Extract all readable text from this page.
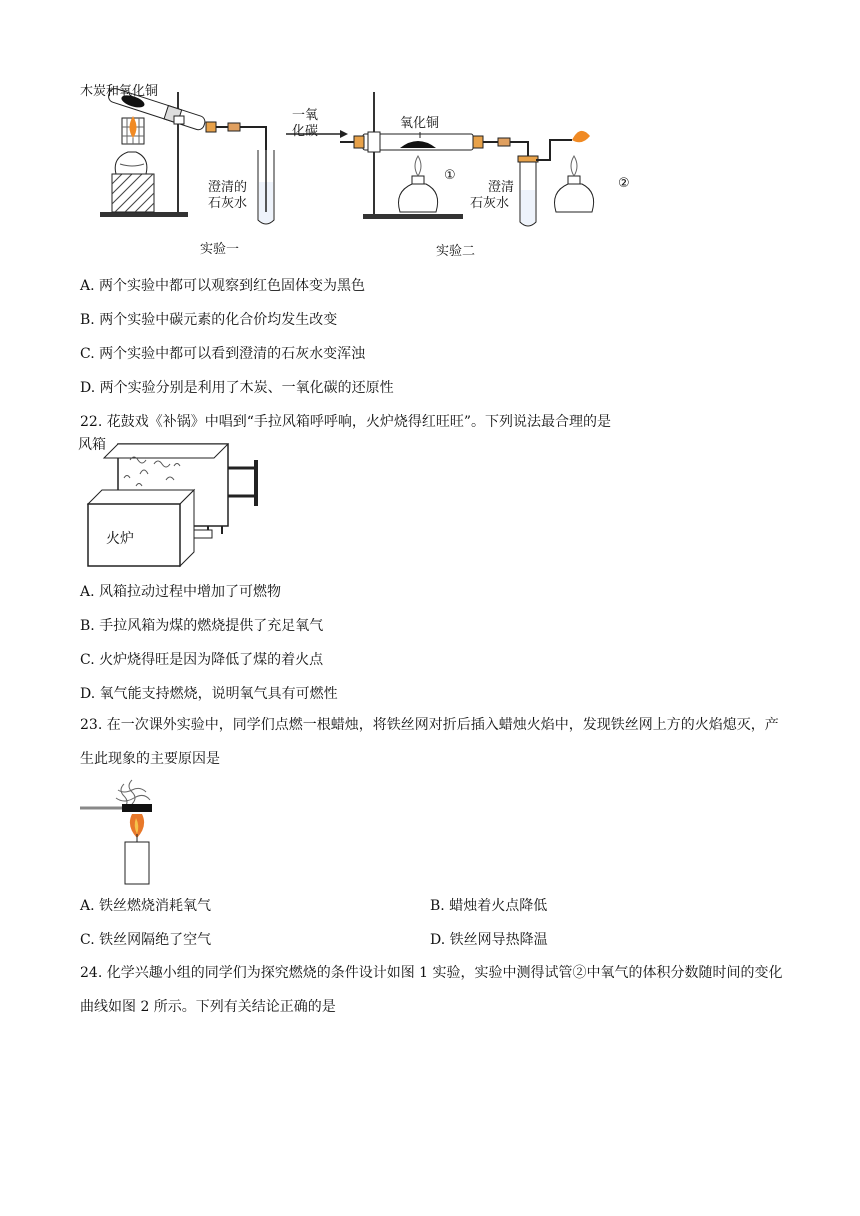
木炭和氧化铜
澄清的
石灰水
实验一
一氧
化碳
氧化铜
①
②
澄清
石灰水
实验二
A. 两个实验中都可以观察到红色固体变为黑色
B. 两个实验中碳元素的化合价均发生改变
C. 两个实验中都可以看到澄清的石灰水变浑浊
D. 两个实验分别是利用了木炭、一氧化碳的还原性
22. 花鼓戏《补锅》中唱到“手拉风箱呼呼响，火炉烧得红旺旺”。下列说法最合理的是
风箱
火炉
A. 风箱拉动过程中增加了可燃物
B. 手拉风箱为煤的燃烧提供了充足氧气
C. 火炉烧得旺是因为降低了煤的着火点
D. 氧气能支持燃烧，说明氧气具有可燃性
23. 在一次课外实验中，同学们点燃一根蜡烛，将铁丝网对折后插入蜡烛火焰中，发现铁丝网上方的火焰熄灭，产生此现象的主要原因是
A. 铁丝燃烧消耗氧气	B. 蜡烛着火点降低
C. 铁丝网隔绝了空气	D. 铁丝网导热降温
24. 化学兴趣小组的同学们为探究燃烧的条件设计如图 1 实验，实验中测得试管②中氧气的体积分数随时间的变化曲线如图 2 所示。下列有关结论正确的是
